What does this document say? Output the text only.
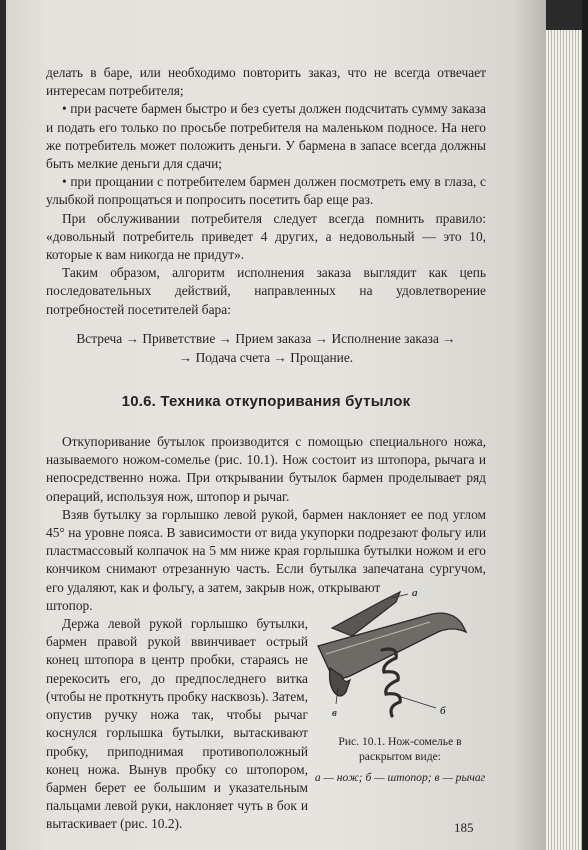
делать в баре, или необходимо повторить заказ, что не всегда отвечает интересам потребителя;

• при расчете бармен быстро и без суеты должен подсчитать сумму заказа и подать его только по просьбе потребителя на маленьком подносе. На него же потребитель может положить деньги. У бармена в запасе всегда должны быть мелкие деньги для сдачи;

• при прощании с потребителем бармен должен посмотреть ему в глаза, с улыбкой попрощаться и попросить посетить бар еще раз.

При обслуживании потребителя следует всегда помнить правило: «довольный потребитель приведет 4 других, а недовольный — это 10, которые к вам никогда не придут».

Таким образом, алгоритм исполнения заказа выглядит как цепь последовательных действий, направленных на удовлетворение потребностей посетителей бара:

Встреча → Приветствие → Прием заказа → Исполнение заказа →
→ Подача счета → Прощание.

10.6. Техника откупоривания бутылок

Откупоривание бутылок производится с помощью специального ножа, называемого ножом-сомелье (рис. 10.1). Нож состоит из штопора, рычага и непосредственно ножа. При открывании бутылок бармен проделывает ряд операций, используя нож, штопор и рычаг.

Взяв бутылку за горлышко левой рукой, бармен наклоняет ее под углом 45° на уровне пояса. В зависимости от вида укупорки подрезают фольгу или пластмассовый колпачок на 5 мм ниже края горлышка бутылки ножом и его кончиком снимают отрезанную часть. Если бутылка запечатана сургучом, его удаляют, как и фольгу, а затем, закрыв нож, открывают

штопор.

Держа левой рукой горлышко бутылки, бармен правой рукой ввинчивает острый конец штопора в центр пробки, стараясь не перекосить его, до предпоследнего витка (чтобы не проткнуть пробку насквозь). Затем, опустив ручку ножа так, чтобы рычаг коснулся горлышка бутылки, вытаскивают пробку, приподнимая противоположный конец ножа. Вынув пробку со штопором, бармен берет ее большим и указательным пальцами левой руки, наклоняет чуть в бок и вытаскивает (рис. 10.2).

а
б
в
Рис. 10.1. Нож-сомелье в раскрытом виде:
а — нож; б — штопор; в — рычаг
185
